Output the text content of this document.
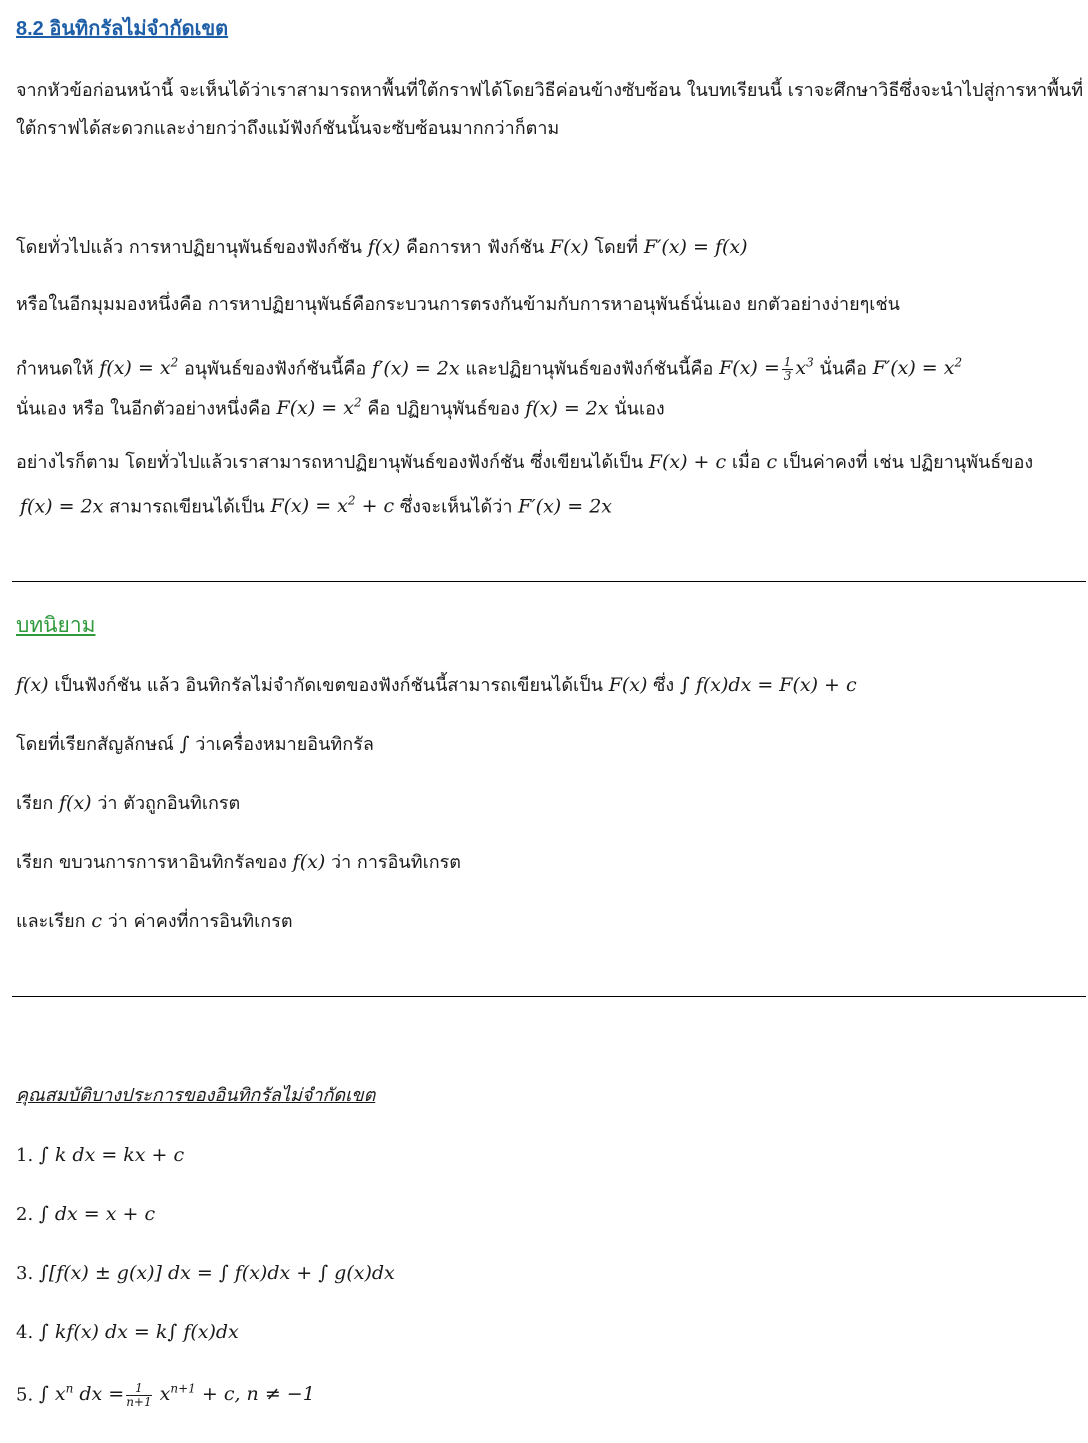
8.2 อินทิกรัลไม่จำกัดเขต
จากหัวข้อก่อนหน้านี้ จะเห็นได้ว่าเราสามารถหาพื้นที่ใต้กราฟได้โดยวิธีค่อนข้างซับซ้อน ในบทเรียนนี้ เราจะศึกษาวิธีซึ่งจะนำไปสู่การหาพื้นที่
ใต้กราฟได้สะดวกและง่ายกว่าถึงแม้ฟังก์ชันนั้นจะซับซ้อนมากกว่าก็ตาม
โดยทั่วไปแล้ว การหาปฏิยานุพันธ์ของฟังก์ชัน f(x) คือการหา ฟังก์ชัน F(x) โดยที่ F′(x) = f(x)
หรือในอีกมุมมองหนึ่งคือ การหาปฏิยานุพันธ์คือกระบวนการตรงกันข้ามกับการหาอนุพันธ์นั่นเอง ยกตัวอย่างง่ายๆเช่น
กำหนดให้ $f(x) = x^2$ อนุพันธ์ของฟังก์ชันนี้คือ f′(x) = 2x และปฏิยานุพันธ์ของฟังก์ชันนี้คือ $F(x) = \frac{1}{3} x^3$ นั่นคือ $F'(x) = x^2$
นั่นเอง หรือ ในอีกตัวอย่างหนึ่งคือ $F(x) = x^2$ คือ ปฏิยานุพันธ์ของ f(x) = 2x นั่นเอง
อย่างไรก็ตาม โดยทั่วไปแล้วเราสามารถหาปฏิยานุพันธ์ของฟังก์ชัน ซึ่งเขียนได้เป็น F(x) + c เมื่อ c เป็นค่าคงที่ เช่น ปฏิยานุพันธ์ของ
f(x) = 2x สามารถเขียนได้เป็น $F(x) = x^2 + c$ ซึ่งจะเห็นได้ว่า F′(x) = 2x
บทนิยาม
f(x) เป็นฟังก์ชัน แล้ว อินทิกรัลไม่จำกัดเขตของฟังก์ชันนี้สามารถเขียนได้เป็น F(x) ซึ่ง ∫ f(x)dx = F(x) + c
โดยที่เรียกสัญลักษณ์ ∫ ว่าเครื่องหมายอินทิกรัล
เรียก f(x) ว่า ตัวถูกอินทิเกรต
เรียก ขบวนการการหาอินทิกรัลของ f(x) ว่า การอินทิเกรต
และเรียก c ว่า ค่าคงที่การอินทิเกรต
คุณสมบัติบางประการของอินทิกรัลไม่จำกัดเขต
1. ∫ k dx = kx + c
2. ∫ dx = x + c
3. ∫[f(x) ± g(x)] dx = ∫ f(x)dx + ∫ g(x)dx
4. ∫ kf(x) dx = k∫ f(x)dx
5. ∫ $x^n$ dx = $\frac{1}{n+1} x^{n+1} + c$, n ≠ −1
